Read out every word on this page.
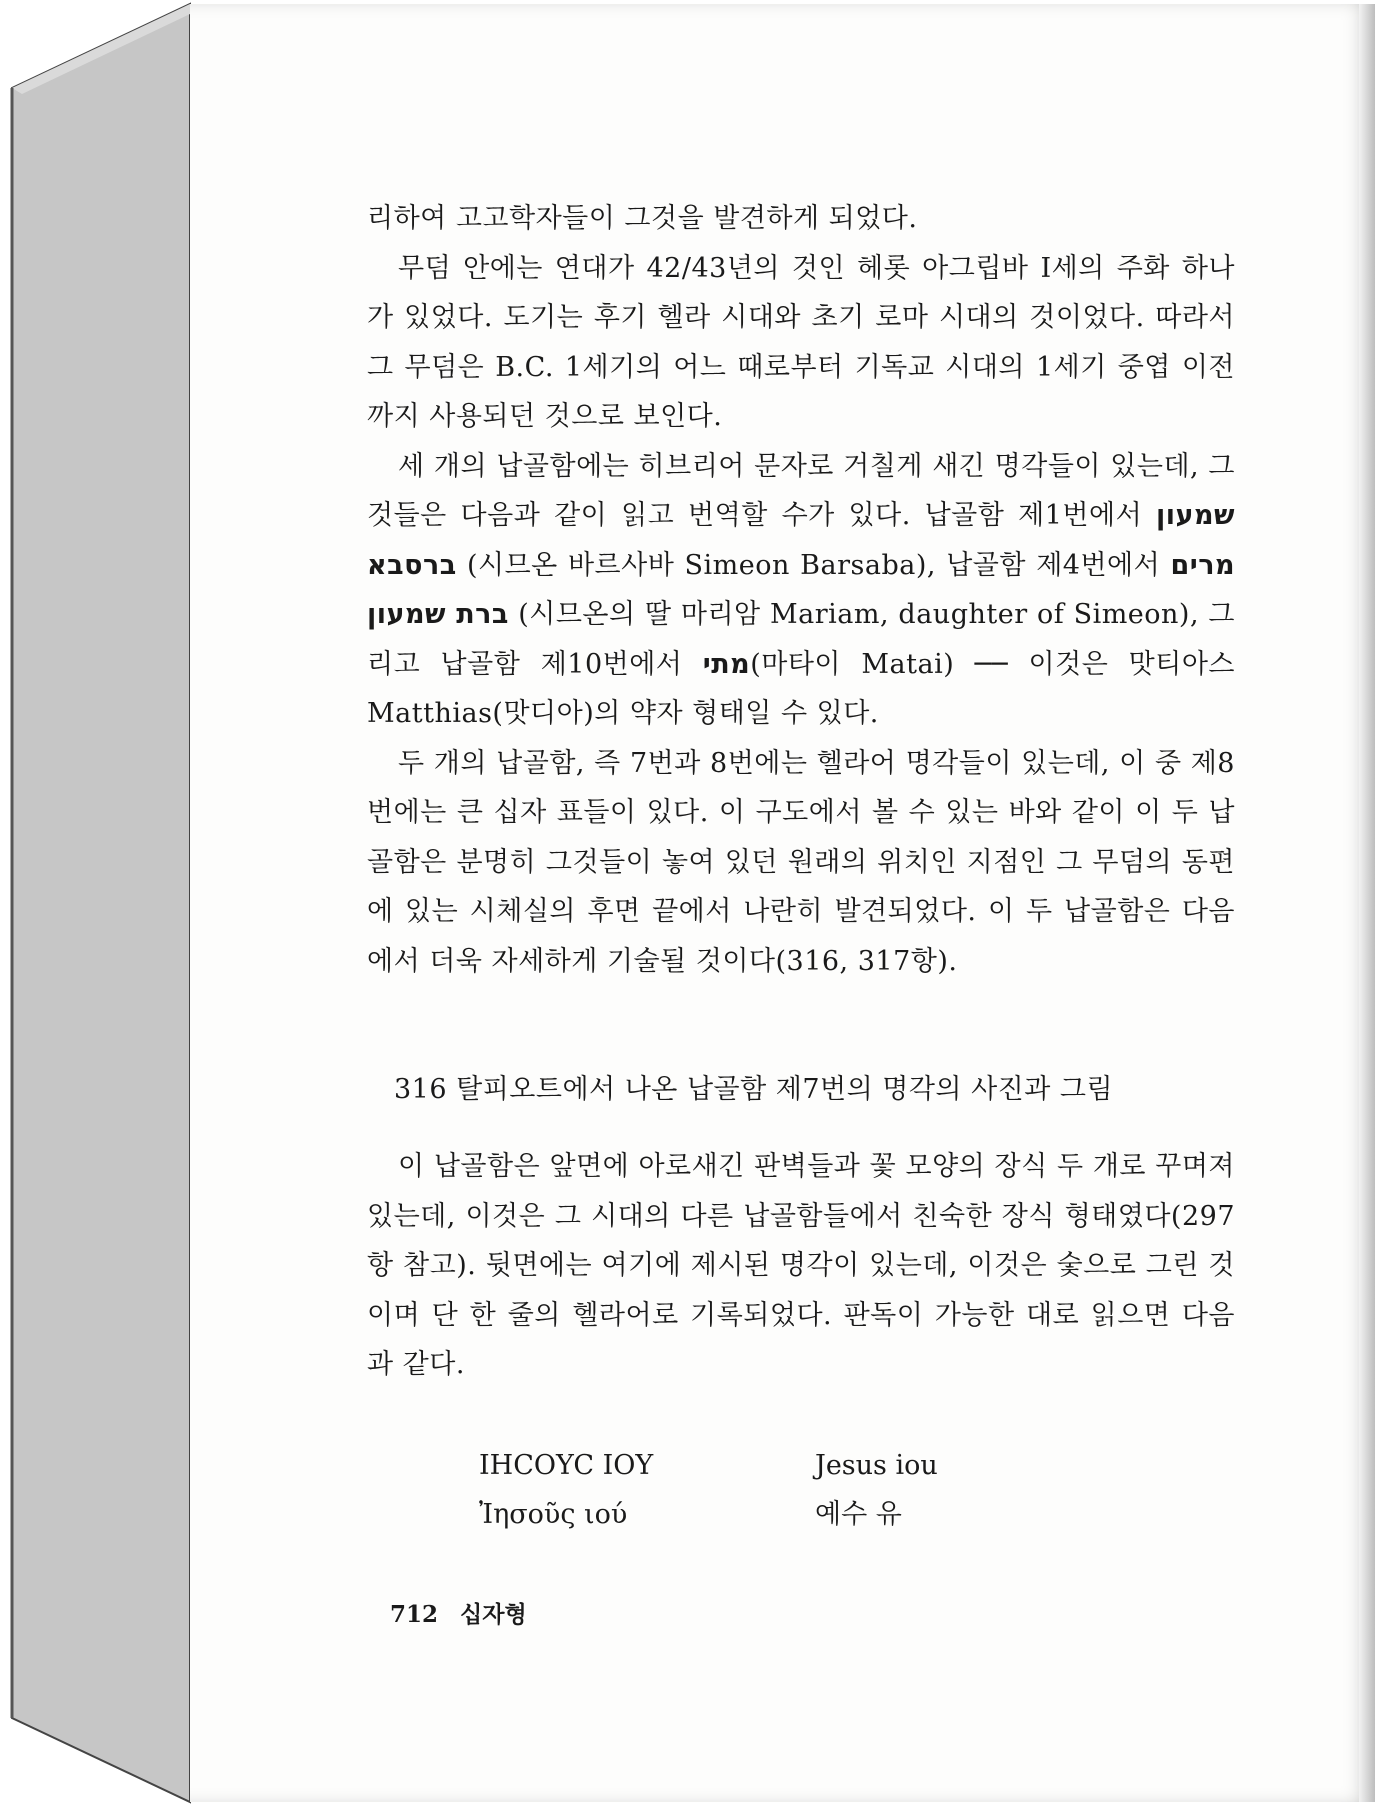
리하여 고고학자들이 그것을 발견하게 되었다.

무덤 안에는 연대가 42/43년의 것인 헤롯 아그립바 I세의 주화 하나가 있었다. 도기는 후기 헬라 시대와 초기 로마 시대의 것이었다. 따라서 그 무덤은 B.C. 1세기의 어느 때로부터 기독교 시대의 1세기 중엽 이전까지 사용되던 것으로 보인다.

세 개의 납골함에는 히브리어 문자로 거칠게 새긴 명각들이 있는데, 그것들은 다음과 같이 읽고 번역할 수가 있다. 납골함 제1번에서 שמעון ברסבא (시므온 바르사바 Simeon Barsaba), 납골함 제4번에서 מרים ברת שמעון (시므온의 딸 마리암 Mariam, daughter of Simeon), 그리고 납골함 제10번에서 מתי(마타이 Matai) ── 이것은 맛티아스 Matthias(맛디아)의 약자 형태일 수 있다.

두 개의 납골함, 즉 7번과 8번에는 헬라어 명각들이 있는데, 이 중 제8번에는 큰 십자 표들이 있다. 이 구도에서 볼 수 있는 바와 같이 이 두 납골함은 분명히 그것들이 놓여 있던 원래의 위치인 지점인 그 무덤의 동편에 있는 시체실의 후면 끝에서 나란히 발견되었다. 이 두 납골함은 다음에서 더욱 자세하게 기술될 것이다(316, 317항).

316 탈피오트에서 나온 납골함 제7번의 명각의 사진과 그림

이 납골함은 앞면에 아로새긴 판벽들과 꽃 모양의 장식 두 개로 꾸며져 있는데, 이것은 그 시대의 다른 납골함들에서 친숙한 장식 형태였다(297항 참고). 뒷면에는 여기에 제시된 명각이 있는데, 이것은 숯으로 그린 것이며 단 한 줄의 헬라어로 기록되었다. 판독이 가능한 대로 읽으면 다음과 같다.

IHCOYC IOY	Jesus iou
Ἰησοῦς ιού	예수 유
712 십자형
